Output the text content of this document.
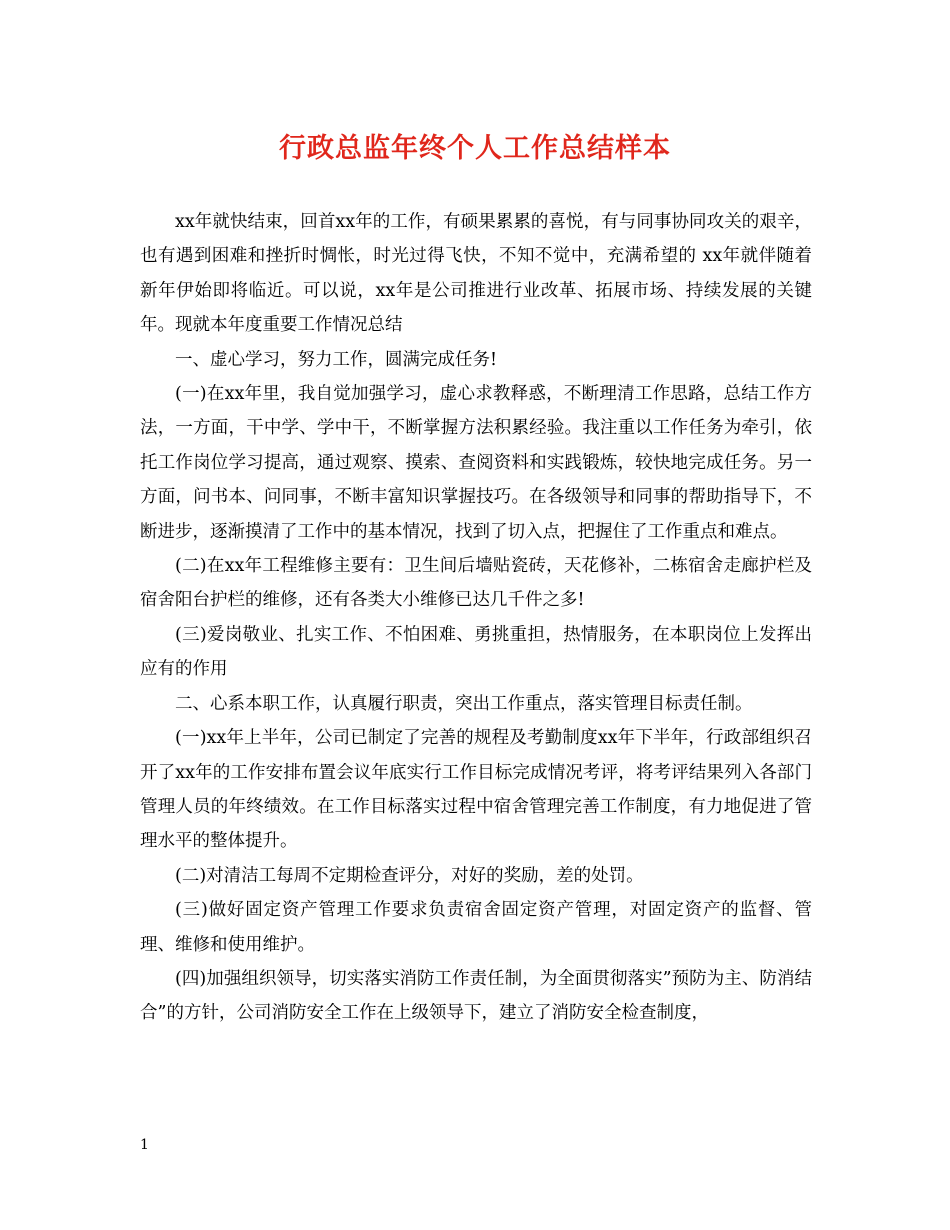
行政总监年终个人工作总结样本

xx年就快结束，回首xx年的工作，有硕果累累的喜悦，有与同事协同攻关的艰辛，也有遇到困难和挫折时惆怅，时光过得飞快，不知不觉中，充满希望的 xx年就伴随着新年伊始即将临近。可以说，xx年是公司推进行业改革、拓展市场、持续发展的关键年。现就本年度重要工作情况总结

一、虚心学习，努力工作，圆满完成任务!

(一)在xx年里，我自觉加强学习，虚心求教释惑，不断理清工作思路，总结工作方法，一方面，干中学、学中干，不断掌握方法积累经验。我注重以工作任务为牵引，依托工作岗位学习提高，通过观察、摸索、查阅资料和实践锻炼，较快地完成任务。另一方面，问书本、问同事，不断丰富知识掌握技巧。在各级领导和同事的帮助指导下，不断进步，逐渐摸清了工作中的基本情况，找到了切入点，把握住了工作重点和难点。

(二)在xx年工程维修主要有：卫生间后墙贴瓷砖，天花修补，二栋宿舍走廊护栏及宿舍阳台护栏的维修，还有各类大小维修已达几千件之多!

(三)爱岗敬业、扎实工作、不怕困难、勇挑重担，热情服务，在本职岗位上发挥出应有的作用

二、心系本职工作，认真履行职责，突出工作重点，落实管理目标责任制。

(一)xx年上半年，公司已制定了完善的规程及考勤制度xx年下半年，行政部组织召开了xx年的工作安排布置会议年底实行工作目标完成情况考评，将考评结果列入各部门管理人员的年终绩效。在工作目标落实过程中宿舍管理完善工作制度，有力地促进了管理水平的整体提升。

(二)对清洁工每周不定期检查评分，对好的奖励，差的处罚。

(三)做好固定资产管理工作要求负责宿舍固定资产管理，对固定资产的监督、管理、维修和使用维护。

(四)加强组织领导，切实落实消防工作责任制，为全面贯彻落实”预防为主、防消结合”的方针，公司消防安全工作在上级领导下，建立了消防安全检查制度，

1
